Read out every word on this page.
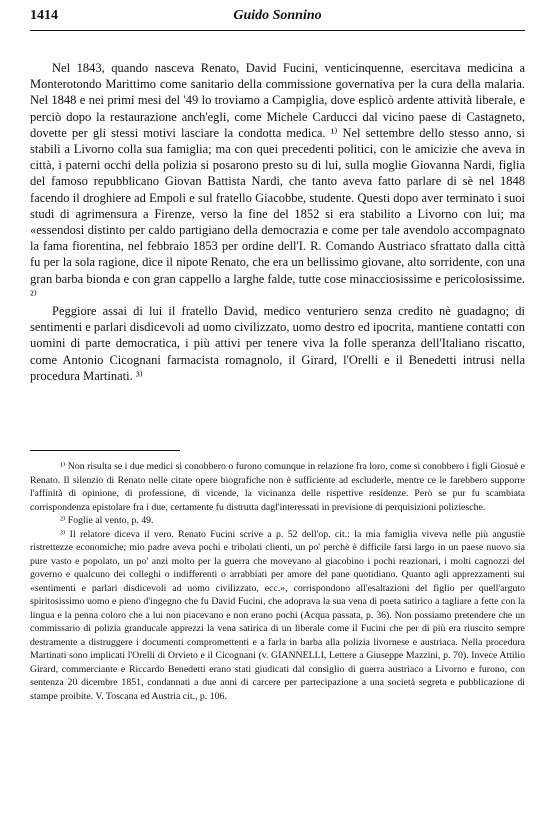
1414	Guido Sonnino

Nel 1843, quando nasceva Renato, David Fucini, venticinquenne, esercitava medicina a Monterotondo Marittimo come sanitario della commissione governativa per la cura della malaria. Nel 1848 e nei primi mesi del '49 lo troviamo a Campiglia, dove esplicò ardente attività liberale, e perciò dopo la restaurazione anch'egli, come Michele Carducci dal vicino paese di Castagneto, dovette per gli stessi motivi lasciare la condotta medica. ¹⁾ Nel settembre dello stesso anno, si stabilì a Livorno colla sua famiglia; ma con quei precedenti politici, con le amicizie che aveva in città, i paterni occhi della polizia si posarono presto su di lui, sulla moglie Giovanna Nardi, figlia del famoso repubblicano Giovan Battista Nardi, che tanto aveva fatto parlare di sè nel 1848 facendo il droghiere ad Empoli e sul fratello Giacobbe, studente. Questi dopo aver terminato i suoi studi di agrimensura a Firenze, verso la fine del 1852 si era stabilito a Livorno con lui; ma «essendosi distinto per caldo partigiano della democrazia e come per tale avendolo accompagnato la fama fiorentina, nel febbraio 1853 per ordine dell'I. R. Comando Austriaco sfrattato dalla città fu per la sola ragione, dice il nipote Renato, che era un bellissimo giovane, alto sorridente, con una gran barba bionda e con gran cappello a larghe falde, tutte cose minacciosissime e pericolosissime. ²⁾

Peggiore assai di lui il fratello David, medico venturiero senza credito nè guadagno; di sentimenti e parlari disdicevoli ad uomo civilizzato, uomo destro ed ipocrita, mantiene contatti con uomini di parte democratica, i più attivi per tenere viva la folle speranza dell'Italiano riscatto, come Antonio Cicognani farmacista romagnolo, il Girard, l'Orelli e il Benedetti intrusi nella procedura Martinati. ³⁾

¹⁾ Non risulta se i due medici si conobbero o furono comunque in relazione fra loro, come si conobbero i figli Giosuè e Renato. Il silenzio di Renato nelle citate opere biografiche non è sufficiente ad escluderle, mentre ce le farebbero supporre l'affinità di opinione, di professione, di vicende, la vicinanza delle rispettive residenze. Però se pur fu scambiata corrispondenza epistolare fra i due, certamente fu distrutta dagl'interessati in previsione di perquisizioni poliziesche.

²⁾ Foglie al vento, p. 49.

³⁾ Il relatore diceva il vero. Renato Fucini scrive a p. 52 dell'op. cit.: la mia famiglia viveva nelle più angustie ristrettezze economiche; mio padre aveva pochi e tribolati clienti, un po' perchè è difficile farsi largo in un paese nuovo sia pure vasto e popolato, un po' anzi molto per la guerra che movevano al giacobino i pochi reazionari, i molti cagnozzi del governo e qualcuno dei colleghi o indifferenti o arrabbiati per amore del pane quotidiano. Quanto agli apprezzamenti sui «sentimenti e parlari disdicevoli ad uomo civilizzato, ecc.», corrispondono all'esaltazioni del figlio per quell'arguto spiritosissimo uomo e pieno d'ingegno che fu David Fucini, che adoprava la sua vena di poeta satirico a tagliare a fette con la lingua e la penna coloro che a lui non piacevano e non erano pochi (Acqua passata, p. 36). Non possiamo pretendere che un commissario di polizia granducale apprezzi la vena satirica di un liberale come il Fucini che per di più era riuscito sempre destramente a distruggere i documenti compromettenti e a farla in barba alla polizia livornese e austriaca. Nella procedura Martinati sono implicati l'Orelli di Orvieto e il Cicognani (v. GIANNELLI, Lettere a Giuseppe Mazzini, p. 70). Invece Attilio Girard, commerciante e Riccardo Benedetti erano stati giudicati dal consiglio di guerra austriaco a Livorno e furono, con sentenza 20 dicembre 1851, condannati a due anni di carcere per partecipazione a una società segreta e pubblicazione di stampe proibite. V. Toscana ed Austria cit., p. 106.
